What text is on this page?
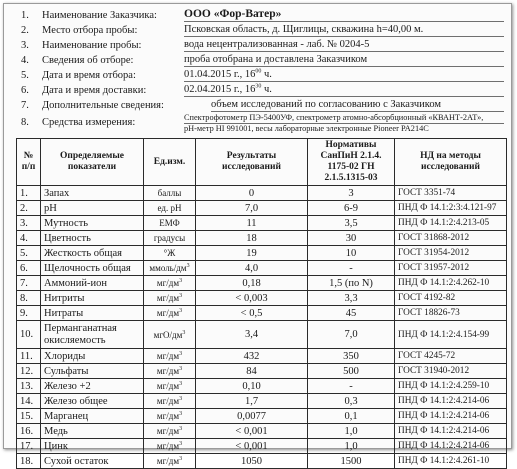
1. Наименование Заказчика: ООО «Фор-Ватер»
2. Место отбора пробы:	Псковская область, д. Щиглицы, скважина h=40,00 м.
3. Наименование пробы:	вода нецентрализованная - лаб. № 0204-5
4. Сведения об отборе:	проба отобрана и доставлена Заказчиком
5. Дата и время отбора:	01.04.2015 г., $16^{00}$ ч.
6. Дата и время доставки:	02.04.2015 г., $16^{30}$ ч.
7. Дополнительные сведения:	объем исследований по согласованию с Заказчиком
8. Средства измерения:	Спектрофотометр ПЭ-5400УФ, спектрометр атомно-абсорбционный «КВАНТ-2АТ»,
рН-метр HI 991001, весы лабораторные электронные Pioneer PA214C
№ п/п	Определяемые показатели	Ед.изм.	Результаты исследований	Нормативы СанПиН 2.1.4. 1175-02 ГН 2.1.5.1315-03	НД на методы исследований
1.	Запах	баллы	0	3	ГОСТ 3351-74
2.	pH	ед. рН	7,0	6-9	ПНД Ф 14.1:2:3:4.121-97
3.	Мутность	ЕМФ	11	3,5	ПНД Ф 14.1:2:4.213-05
4.	Цветность	градусы	18	30	ГОСТ 31868-2012
5.	Жесткость общая	°Ж	19	10	ГОСТ 31954-2012
6.	Щелочность общая	ммоль/$дм^3$	4,0	-	ГОСТ 31957-2012
7.	Аммоний-ион	$мг/дм^3$	0,18	1,5 (по N)	ПНД Ф 14.1:2:4.262-10
8.	Нитриты	$мг/дм^3$	< 0,003	3,3	ГОСТ 4192-82
9.	Нитраты	$мг/дм^3$	< 0,5	45	ГОСТ 18826-73
10.	Перманганатная окисляемость	мгО/$дм^3$	3,4	7,0	ПНД Ф 14.1:2:4.154-99
11.	Хлориды	$мг/дм^3$	432	350	ГОСТ 4245-72
12.	Сульфаты	$мг/дм^3$	84	500	ГОСТ 31940-2012
13.	Железо +2	$мг/дм^3$	0,10	-	ПНД Ф 14.1:2:4.259-10
14.	Железо общее	$мг/дм^3$	1,7	0,3	ПНД Ф 14.1:2:4.214-06
15.	Марганец	$мг/дм^3$	0,0077	0,1	ПНД Ф 14.1:2:4.214-06
16.	Медь	$мг/дм^3$	< 0,001	1,0	ПНД Ф 14.1:2:4.214-06
17.	Цинк	$мг/дм^3$	< 0,001	1,0	ПНД Ф 14.1:2:4.214-06
18.	Сухой остаток	$мг/дм^3$	1050	1500	ПНД Ф 14.1:2:4.261-10
